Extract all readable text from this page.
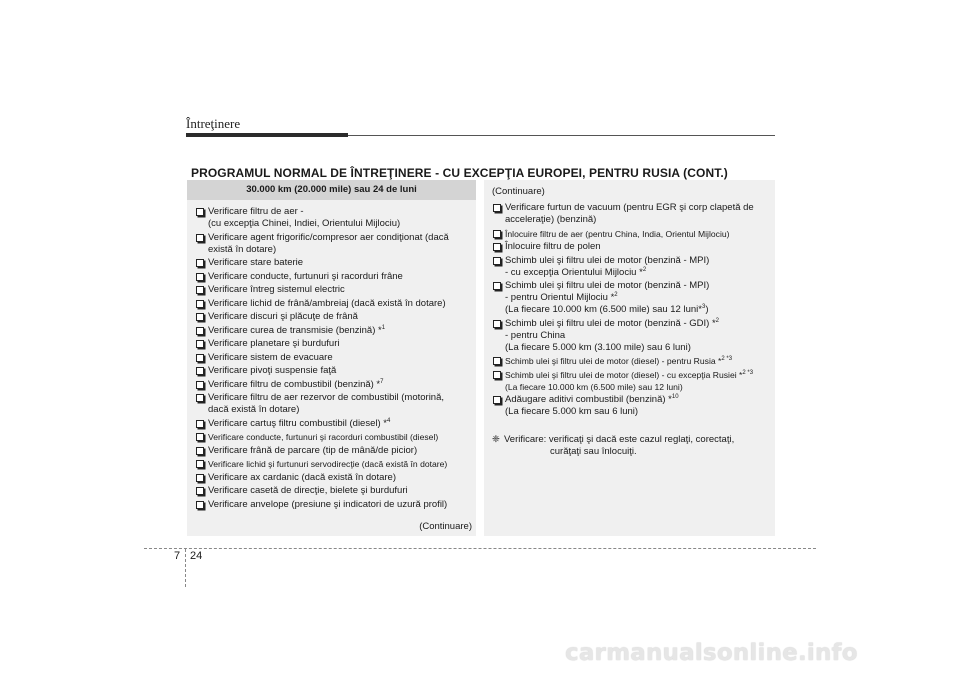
Întreţinere
PROGRAMUL NORMAL DE ÎNTREŢINERE - CU EXCEPŢIA EUROPEI, PENTRU RUSIA (CONT.)
30.000 km (20.000 mile) sau 24 de luni
Verificare filtru de aer -
(cu excepţia Chinei, Indiei, Orientului Mijlociu)
Verificare agent frigorific/compresor aer condiţionat (dacă
există în dotare)
Verificare stare baterie
Verificare conducte, furtunuri şi racorduri frâne
Verificare întreg sistemul electric
Verificare lichid de frână/ambreiaj (dacă există în dotare)
Verificare discuri şi plăcuţe de frână
Verificare curea de transmisie (benzină) *$^1$
Verificare planetare şi burdufuri
Verificare sistem de evacuare
Verificare pivoţi suspensie faţă
Verificare filtru de combustibil (benzină) *$^7$
Verificare filtru de aer rezervor de combustibil (motorină,
dacă există în dotare)
Verificare cartuş filtru combustibil (diesel) *$^4$
Verificare conducte, furtunuri şi racorduri combustibil (diesel)
Verificare frână de parcare (tip de mână/de picior)
Verificare lichid şi furtunuri servodirecţie (dacă există în dotare)
Verificare ax cardanic (dacă există în dotare)
Verificare casetă de direcţie, bielete şi burdufuri
Verificare anvelope (presiune şi indicatori de uzură profil)
(Continuare)
(Continuare)
Verificare furtun de vacuum (pentru EGR şi corp clapetă de
acceleraţie) (benzină)
Înlocuire filtru de aer (pentru China, India, Orientul Mijlociu)
Înlocuire filtru de polen
Schimb ulei şi filtru ulei de motor (benzină - MPI)
- cu excepţia Orientului Mijlociu *$^2$
Schimb ulei şi filtru ulei de motor (benzină - MPI)
- pentru Orientul Mijlociu *$^2$
(La fiecare 10.000 km (6.500 mile) sau 12 luni*$^3$)
Schimb ulei şi filtru ulei de motor (benzină - GDI) *$^2$
- pentru China
(La fiecare 5.000 km (3.100 mile) sau 6 luni)
Schimb ulei şi filtru ulei de motor (diesel) - pentru Rusia *$^{2 *3}$
Schimb ulei şi filtru ulei de motor (diesel) - cu excepţia Rusiei *$^{2 *3}$
(La fiecare 10.000 km (6.500 mile) sau 12 luni)
Adăugare aditivi combustibil (benzină) *$^{10}$
(La fiecare 5.000 km sau 6 luni)
❈ Verificare: verificaţi şi dacă este cazul reglaţi, corectaţi,
curăţaţi sau înlocuiţi.
7 24
carmanualsonline.info
